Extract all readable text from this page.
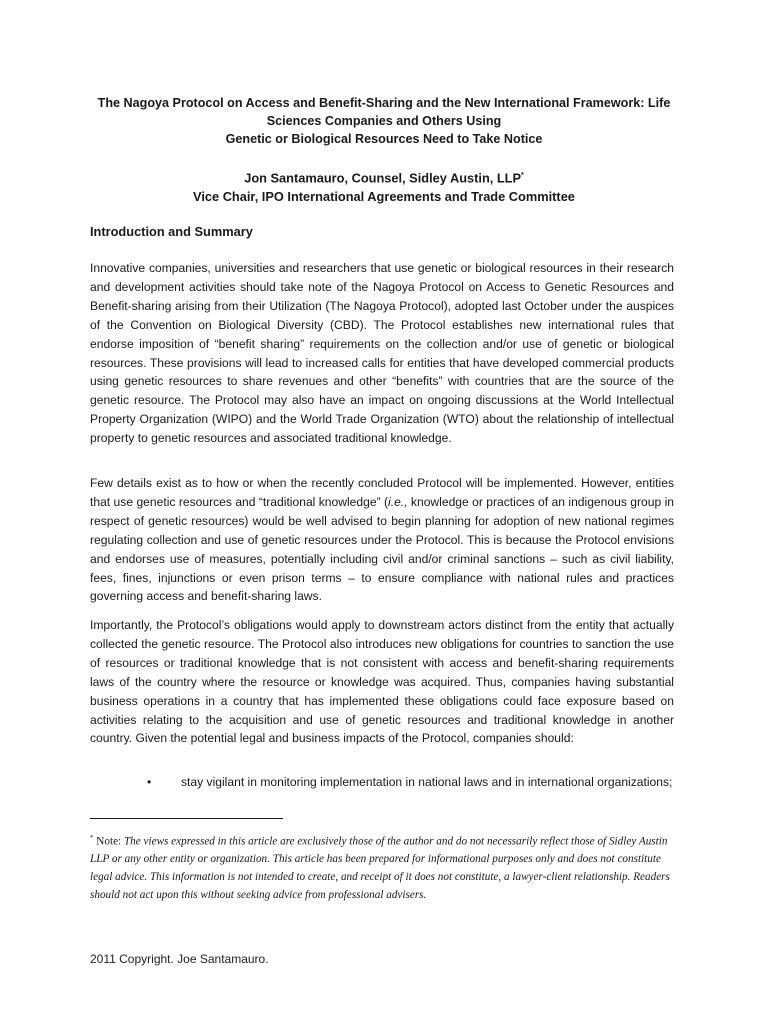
The Nagoya Protocol on Access and Benefit-Sharing and the New International Framework: Life
Sciences Companies and Others Using
Genetic or Biological Resources Need to Take Notice
Jon Santamauro, Counsel, Sidley Austin, LLP*
Vice Chair, IPO International Agreements and Trade Committee
Introduction and Summary

Innovative companies, universities and researchers that use genetic or biological resources in their research and development activities should take note of the Nagoya Protocol on Access to Genetic Resources and Benefit-sharing arising from their Utilization (The Nagoya Protocol), adopted last October under the auspices of the Convention on Biological Diversity (CBD). The Protocol establishes new international rules that endorse imposition of “benefit sharing” requirements on the collection and/or use of genetic or biological resources. These provisions will lead to increased calls for entities that have developed commercial products using genetic resources to share revenues and other “benefits” with countries that are the source of the genetic resource. The Protocol may also have an impact on ongoing discussions at the World Intellectual Property Organization (WIPO) and the World Trade Organization (WTO) about the relationship of intellectual property to genetic resources and associated traditional knowledge.

Few details exist as to how or when the recently concluded Protocol will be implemented. However, entities that use genetic resources and “traditional knowledge” (i.e., knowledge or practices of an indigenous group in respect of genetic resources) would be well advised to begin planning for adoption of new national regimes regulating collection and use of genetic resources under the Protocol. This is because the Protocol envisions and endorses use of measures, potentially including civil and/or criminal sanctions – such as civil liability, fees, fines, injunctions or even prison terms – to ensure compliance with national rules and practices governing access and benefit-sharing laws.

Importantly, the Protocol’s obligations would apply to downstream actors distinct from the entity that actually collected the genetic resource. The Protocol also introduces new obligations for countries to sanction the use of resources or traditional knowledge that is not consistent with access and benefit-sharing requirements laws of the country where the resource or knowledge was acquired. Thus, companies having substantial business operations in a country that has implemented these obligations could face exposure based on activities relating to the acquisition and use of genetic resources and traditional knowledge in another country. Given the potential legal and business impacts of the Protocol, companies should:

•	stay vigilant in monitoring implementation in national laws and in international organizations;

* Note: The views expressed in this article are exclusively those of the author and do not necessarily reflect those of Sidley Austin LLP or any other entity or organization. This article has been prepared for informational purposes only and does not constitute legal advice. This information is not intended to create, and receipt of it does not constitute, a lawyer-client relationship. Readers should not act upon this without seeking advice from professional advisers.

2011 Copyright. Joe Santamauro.
